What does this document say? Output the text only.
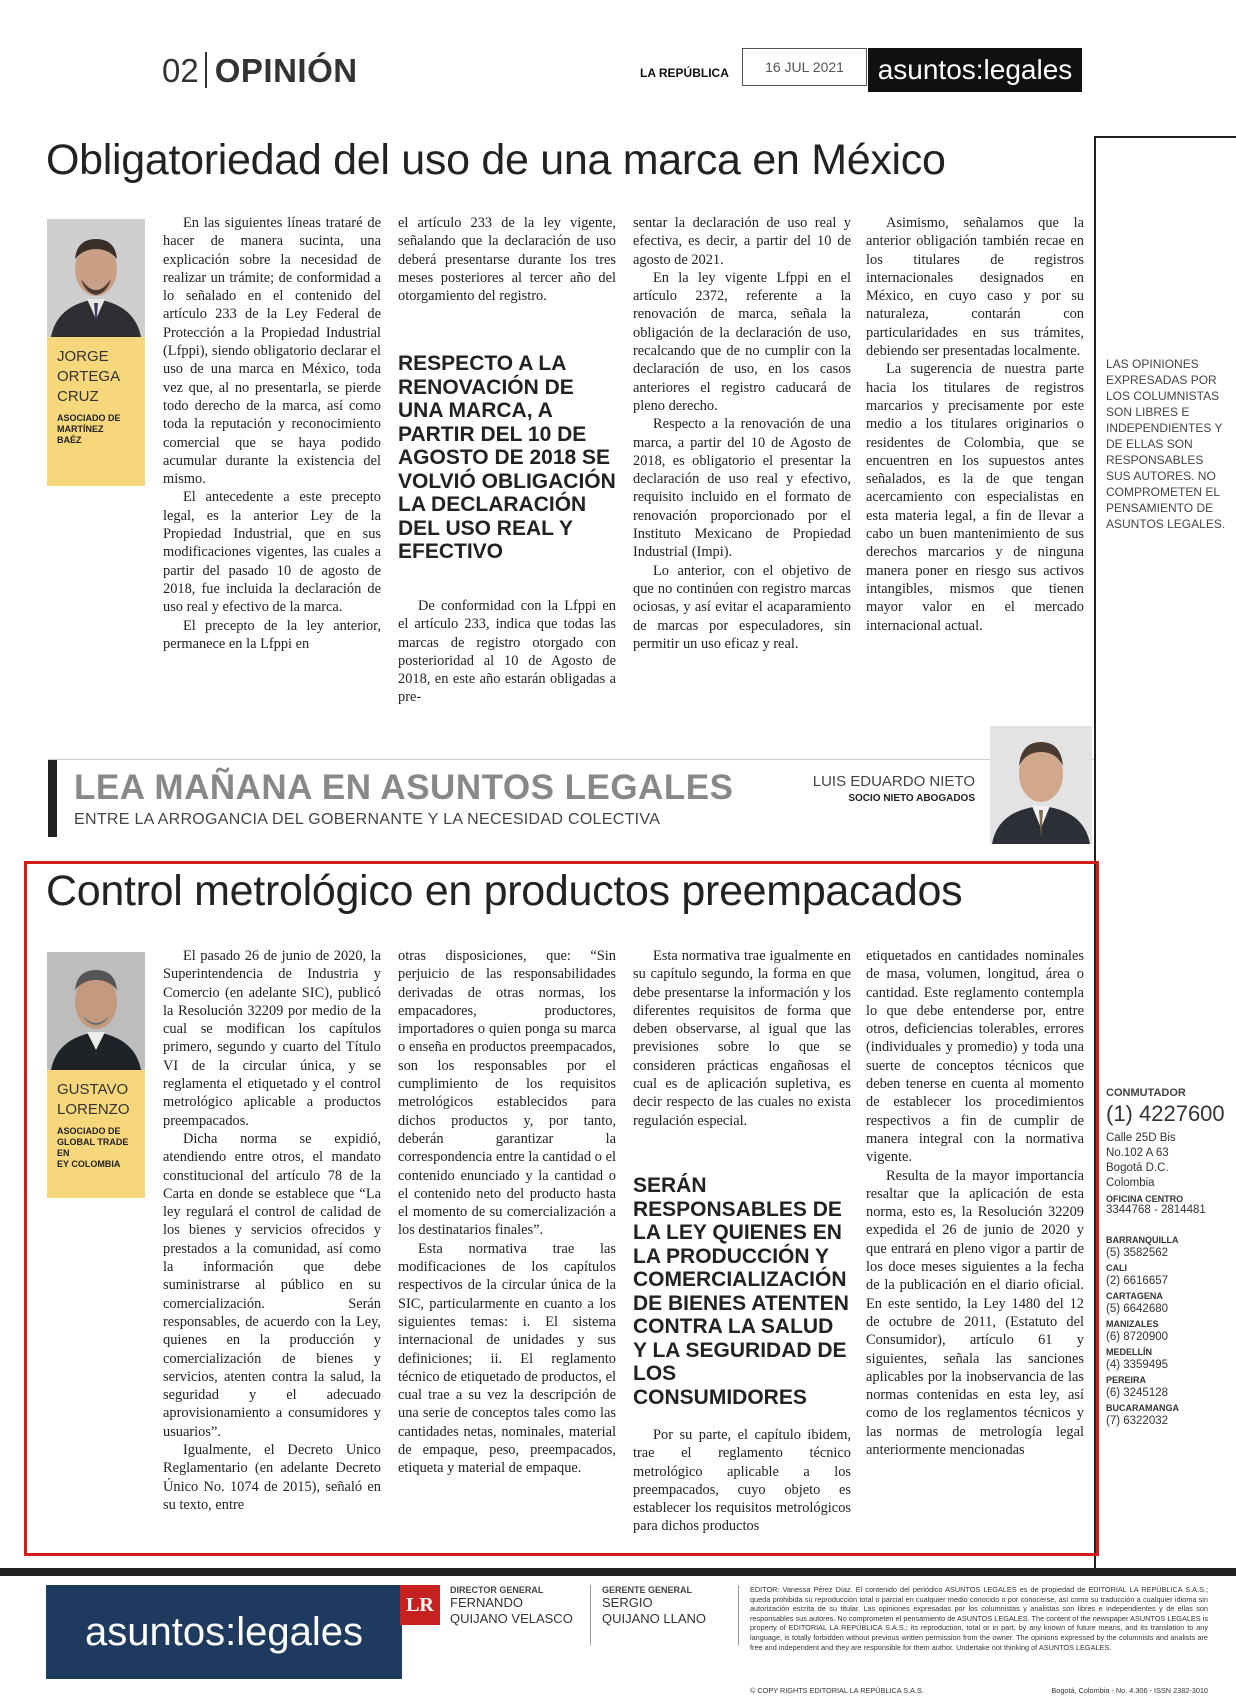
02 OPINIÓN	LA REPÚBLICA	16 JUL 2021	asuntos:legales
Obligatoriedad del uso de una marca en México
JORGE
ORTEGA
CRUZ
ASOCIADO DE
MARTÍNEZ
BAÉZ

En las siguientes líneas trataré de hacer de manera sucinta, una explicación sobre la necesidad de realizar un trámite; de conformidad a lo señalado en el contenido del artículo 233 de la Ley Federal de Protección a la Propiedad Industrial (Lfppi), siendo obligatorio declarar el uso de una marca en México, toda vez que, al no presentarla, se pierde todo derecho de la marca, así como toda la reputación y reconocimiento comercial que se haya podido acumular durante la existencia del mismo.

El antecedente a este precepto legal, es la anterior Ley de la Propiedad Industrial, que en sus modificaciones vigentes, las cuales a partir del pasado 10 de agosto de 2018, fue incluida la declaración de uso real y efectivo de la marca.

El precepto de la ley anterior, permanece en la Lfppi en

el artículo 233 de la ley vigente, señalando que la declaración de uso deberá presentarse durante los tres meses posteriores al tercer año del otorgamiento del registro.

RESPECTO A LA RENOVACIÓN DE UNA MARCA, A PARTIR DEL 10 DE AGOSTO DE 2018 SE VOLVIÓ OBLIGACIÓN LA DECLARACIÓN DEL USO REAL Y EFECTIVO

De conformidad con la Lfppi en el artículo 233, indica que todas las marcas de registro otorgado con posterioridad al 10 de Agosto de 2018, en este año estarán obligadas a pre-

sentar la declaración de uso real y efectiva, es decir, a partir del 10 de agosto de 2021.

En la ley vigente Lfppi en el artículo 2372, referente a la renovación de marca, señala la obligación de la declaración de uso, recalcando que de no cumplir con la declaración de uso, en los casos anteriores el registro caducará de pleno derecho.

Respecto a la renovación de una marca, a partir del 10 de Agosto de 2018, es obligatorio el presentar la declaración de uso real y efectivo, requisito incluido en el formato de renovación proporcionado por el Instituto Mexicano de Propiedad Industrial (Impi).

Lo anterior, con el objetivo de que no continúen con registro marcas ociosas, y así evitar el acaparamiento de marcas por especuladores, sin permitir un uso eficaz y real.

Asimismo, señalamos que la anterior obligación también recae en los titulares de registros internacionales designados en México, en cuyo caso y por su naturaleza, contarán con particularidades en sus trámites, debiendo ser presentadas localmente.

La sugerencia de nuestra parte hacia los titulares de registros marcarios y precisamente por este medio a los titulares originarios o residentes de Colombia, que se encuentren en los supuestos antes señalados, es la de que tengan acercamiento con especialistas en esta materia legal, a fin de llevar a cabo un buen mantenimiento de sus derechos marcarios y de ninguna manera poner en riesgo sus activos intangibles, mismos que tienen mayor valor en el mercado internacional actual.

LAS OPINIONES EXPRESADAS POR LOS COLUMNISTAS SON LIBRES E INDEPENDIENTES Y DE ELLAS SON RESPONSABLES SUS AUTORES. NO COMPROMETEN EL PENSAMIENTO DE ASUNTOS LEGALES.
LEA MAÑANA EN ASUNTOS LEGALES
ENTRE LA ARROGANCIA DEL GOBERNANTE Y LA NECESIDAD COLECTIVA
LUIS EDUARDO NIETO
SOCIO NIETO ABOGADOS
Control metrológico en productos preempacados
GUSTAVO
LORENZO
ASOCIADO DE
GLOBAL TRADE EN
EY COLOMBIA

El pasado 26 de junio de 2020, la Superintendencia de Industria y Comercio (en adelante SIC), publicó la Resolución 32209 por medio de la cual se modifican los capítulos primero, segundo y cuarto del Título VI de la circular única, y se reglamenta el etiquetado y el control metrológico aplicable a productos preempacados.

Dicha norma se expidió, atendiendo entre otros, el mandato constitucional del artículo 78 de la Carta en donde se establece que “La ley regulará el control de calidad de los bienes y servicios ofrecidos y prestados a la comunidad, así como la información que debe suministrarse al público en su comercialización. Serán responsables, de acuerdo con la Ley, quienes en la producción y comercialización de bienes y servicios, atenten contra la salud, la seguridad y el adecuado aprovisionamiento a consumidores y usuarios”.

Igualmente, el Decreto Unico Reglamentario (en adelante Decreto Único No. 1074 de 2015), señaló en su texto, entre

otras disposiciones, que: “Sin perjuicio de las responsabilidades derivadas de otras normas, los empacadores, productores, importadores o quien ponga su marca o enseña en productos preempacados, son los responsables por el cumplimiento de los requisitos metrológicos establecidos para dichos productos y, por tanto, deberán garantizar la correspondencia entre la cantidad o el contenido enunciado y la cantidad o el contenido neto del producto hasta el momento de su comercialización a los destinatarios finales”.

Esta normativa trae las modificaciones de los capítulos respectivos de la circular única de la SIC, particularmente en cuanto a los siguientes temas: i. El sistema internacional de unidades y sus definiciones; ii. El reglamento técnico de etiquetado de productos, el cual trae a su vez la descripción de una serie de conceptos tales como las cantidades netas, nominales, material de empaque, peso, preempacados, etiqueta y material de empaque.

Esta normativa trae igualmente en su capítulo segundo, la forma en que debe presentarse la información y los diferentes requisitos de forma que deben observarse, al igual que las previsiones sobre lo que se consideren prácticas engañosas el cual es de aplicación supletiva, es decir respecto de las cuales no exista regulación especial.

SERÁN RESPONSABLES DE LA LEY QUIENES EN LA PRODUCCIÓN Y COMERCIALIZACIÓN DE BIENES ATENTEN CONTRA LA SALUD Y LA SEGURIDAD DE LOS CONSUMIDORES

Por su parte, el capítulo ibidem, trae el reglamento técnico metrológico aplicable a los preempacados, cuyo objeto es establecer los requisitos metrológicos para dichos productos

etiquetados en cantidades nominales de masa, volumen, longitud, área o cantidad. Este reglamento contempla lo que debe entenderse por, entre otros, deficiencias tolerables, errores (individuales y promedio) y toda una suerte de conceptos técnicos que deben tenerse en cuenta al momento de establecer los procedimientos respectivos a fin de cumplir de manera integral con la normativa vigente.

Resulta de la mayor importancia resaltar que la aplicación de esta norma, esto es, la Resolución 32209 expedida el 26 de junio de 2020 y que entrará en pleno vigor a partir de los doce meses siguientes a la fecha de la publicación en el diario oficial. En este sentido, la Ley 1480 del 12 de octubre de 2011, (Estatuto del Consumidor), artículo 61 y siguientes, señala las sanciones aplicables por la inobservancia de las normas contenidas en esta ley, así como de los reglamentos técnicos y las normas de metrología legal anteriormente mencionadas

CONMUTADOR
(1) 4227600
Calle 25D Bis
No.102 A 63
Bogotá D.C.
Colombia
OFICINA CENTRO
3344768 - 2814481
BARRANQUILLA
(5) 3582562
CALI
(2) 6616657
CARTAGENA
(5) 6642680
MANIZALES
(6) 8720900
MEDELLÍN
(4) 3359495
PEREIRA
(6) 3245128
BUCARAMANGA
(7) 6322032
asuntos:legales
LR
DIRECTOR GENERAL
FERNANDO
QUIJANO VELASCO
GERENTE GENERAL
SERGIO
QUIJANO LLANO
EDITOR: Vanessa Pérez Díaz. El contenido del periódico ASUNTOS LEGALES es de propiedad de EDITORIAL LA REPÚBLICA S.A.S.; queda prohibida su reproducción total o parcial en cualquier medio conocido o por conocerse, así como su traducción a cualquier idioma sin autorización escrita de su titular. Las opiniones expresadas por los columnistas y analistas son libres e independientes y de ellas son responsables sus autores. No comprometen el pensamiento de ASUNTOS LEGALES. The content of the newspaper ASUNTOS LEGALES is property of EDITORIAL LA REPÚBLICA S.A.S.; its reproduction, total or in part, by any known of future means, and its translation to any language, is totally forbidden without previous written permission from the owner. The opinions expressed by the columnists and analists are free and independent and they are responsible for them author. Undertake not thinking of ASUNTOS LEGALES.
© COPY RIGHTS EDITORIAL LA REPÚBLICA S.A.S.	Bogotá, Colombia - No. 4.306 - ISSN 2382-3010
